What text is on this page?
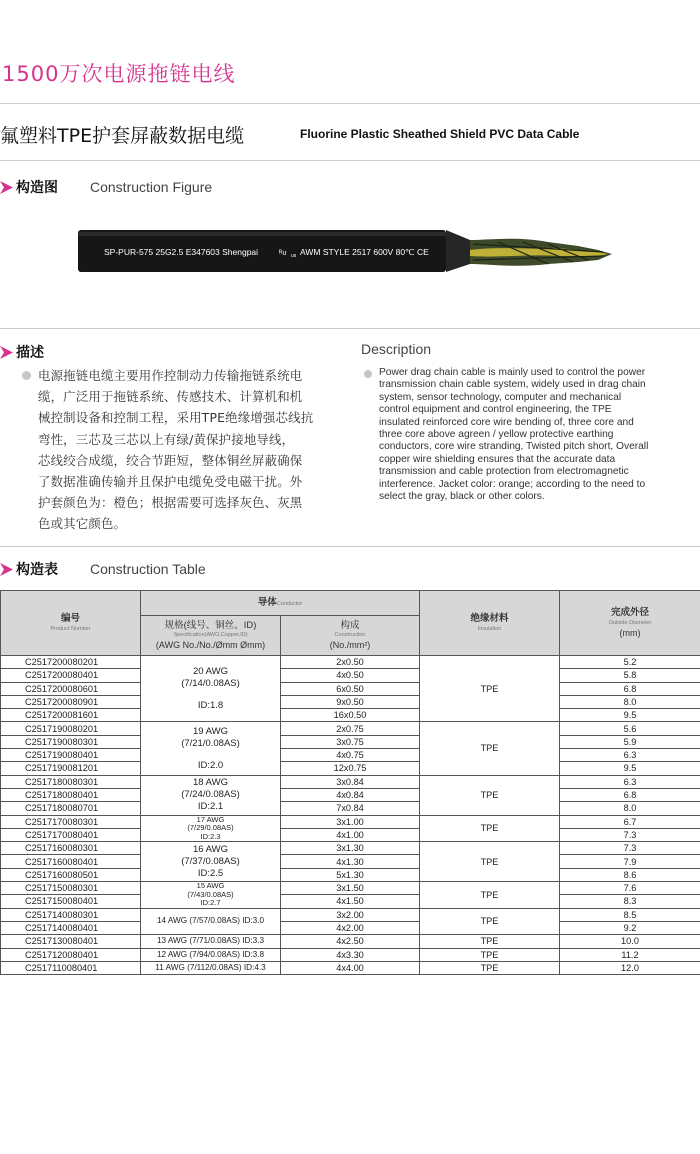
1500万次电源拖链电线
氟塑料TPE护套屏蔽数据电缆	Fluorine Plastic Sheathed Shield PVC Data Cable
构造图 Construction Figure
SP-PUR-575 25G2.5 E347603 Shengpai	ᴿᴜ us AWM STYLE 2517 600V 80℃ CE
描述	Description
电源拖链电缆主要用作控制动力传输拖链系统电
缆，广泛用于拖链系统、传感技术、计算机和机
械控制设备和控制工程，采用TPE绝缘增强芯线抗
弯性，三芯及三芯以上有绿/黄保护接地导线，
芯线绞合成缆，绞合节距短，整体铜丝屏蔽确保
了数据准确传输并且保护电缆免受电磁干扰。外
护套颜色为：橙色；根据需要可选择灰色、灰黑
色或其它颜色。
Power drag chain cable is mainly used to control the power
transmission chain cable system, widely used in drag chain
system, sensor technology, computer and mechanical
control equipment and control engineering, the TPE
insulated reinforced core wire bending of, three core and
three core above agreen / yellow protective earthing
conductors, core wire stranding, Twisted pitch short, Overall
copper wire shielding ensures that the accurate data
transmission and cable protection from electromagnetic
interference. Jacket color: orange; according to the need to
select the gray, black or other colors.
构造表 Construction Table
编号
Product Number	导体Conductor		绝缘材料
Insulation	完成外径
Outside Diameter
(mm)

	规格(线号、铜丝、ID)
Specification(AWG,Copper,ID)
(AWG No./No./Ømm Ømm)	构成
Construction
(No./mm²)		

C2517200080201	20 AWG
(7/14/0.08AS)
ID:1.8	2x0.50	TPE	5.2
C2517200080401		4x0.50		5.8
C2517200080601		6x0.50		6.8
C2517200080901		9x0.50		8.0
C2517200081601		16x0.50		9.5
C2517190080201	19 AWG
(7/21/0.08AS)
ID:2.0	2x0.75	TPE	5.6
C2517190080301		3x0.75		5.9
C2517190080401		4x0.75		6.3
C2517190081201		12x0.75		9.5
C2517180080301	18 AWG
(7/24/0.08AS)
ID:2.1	3x0.84	TPE	6.3
C2517180080401		4x0.84		6.8
C2517180080701		7x0.84		8.0
C2517170080301	17 AWG
(7/29/0.08AS)
ID:2.3	3x1.00	TPE	6.7
C2517170080401		4x1.00		7.3
C2517160080301	16 AWG
(7/37/0.08AS)
ID:2.5	3x1.30	TPE	7.3
C2517160080401		4x1.30		7.9
C2517160080501		5x1.30		8.6
C2517150080301	15 AWG
(7/43/0.08AS)
ID:2.7	3x1.50	TPE	7.6
C2517150080401		4x1.50		8.3
C2517140080301	14 AWG (7/57/0.08AS) ID:3.0	3x2.00	TPE	8.5
C2517140080401		4x2.00		9.2
C2517130080401	13 AWG (7/71/0.08AS) ID:3.3	4x2.50	TPE	10.0
C2517120080401	12 AWG (7/94/0.08AS) ID:3.8	4x3.30	TPE	11.2
C2517110080401	11 AWG (7/112/0.08AS) ID:4.3	4x4.00	TPE	12.0
